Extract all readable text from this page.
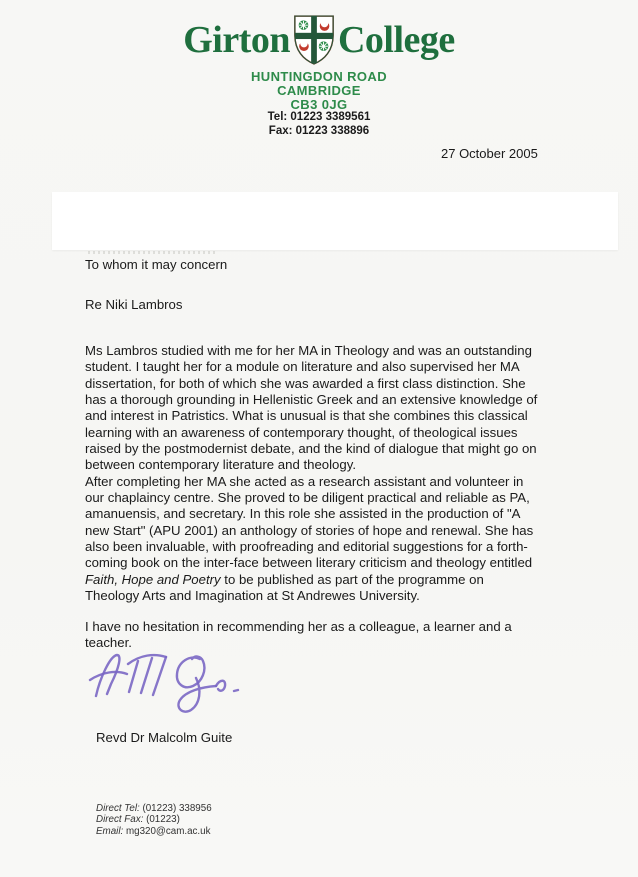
Girton College
HUNTINGDON ROAD
CAMBRIDGE
CB3 0JG
Tel: 01223 3389561
Fax: 01223 338896
27 October 2005
To whom it may concern
Re Niki Lambros
Ms Lambros studied with me for her MA in Theology and was an outstanding
student. I taught her for a module on literature and also supervised her MA
dissertation, for both of which she was awarded a first class distinction. She
has a thorough grounding in Hellenistic Greek and an extensive knowledge of
and interest in Patristics. What is unusual is that she combines this classical
learning with an awareness of contemporary thought, of theological issues
raised by the postmodernist debate, and the kind of dialogue that might go on
between contemporary literature and theology.
After completing her MA she acted as a research assistant and volunteer in
our chaplaincy centre. She proved to be diligent practical and reliable as PA,
amanuensis, and secretary. In this role she assisted in the production of "A
new Start" (APU 2001) an anthology of stories of hope and renewal. She has
also been invaluable, with proofreading and editorial suggestions for a forth-
coming book on the inter-face between literary criticism and theology entitled
Faith, Hope and Poetry to be published as part of the programme on
Theology Arts and Imagination at St Andrewes University.
I have no hesitation in recommending her as a colleague, a learner and a
teacher.
Revd Dr Malcolm Guite
Direct Tel: (01223) 338956
Direct Fax: (01223)
Email: mg320@cam.ac.uk
